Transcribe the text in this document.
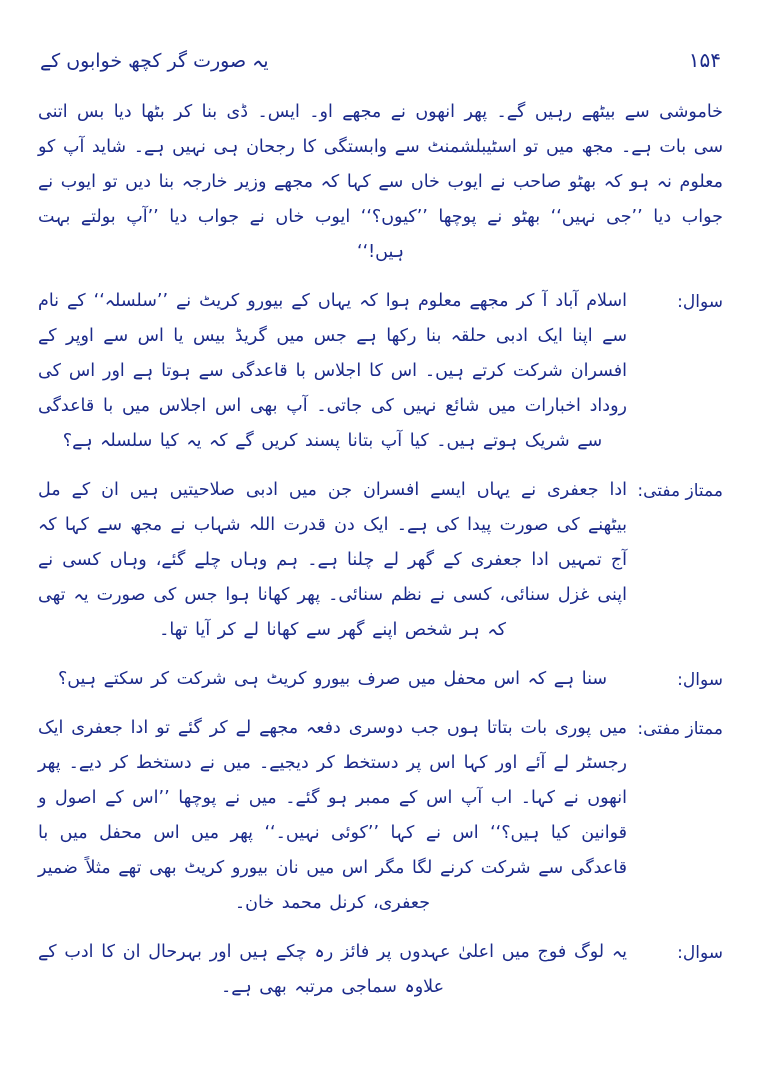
۱۵۴
یہ صورت گر کچھ خوابوں کے
خاموشی سے بیٹھے رہیں گے۔ پھر انھوں نے مجھے او۔ ایس۔ ڈی بنا کر بٹھا دیا بس اتنی سی بات ہے۔ مجھ میں تو اسٹیبلشمنٹ سے وابستگی کا رجحان ہی نہیں ہے۔ شاید آپ کو معلوم نہ ہو کہ بھٹو صاحب نے ایوب خاں سے کہا کہ مجھے وزیر خارجہ بنا دیں تو ایوب نے جواب دیا ’’جی نہیں‘‘ بھٹو نے پوچھا ’’کیوں؟‘‘ ایوب خاں نے جواب دیا ’’آپ بولتے بہت ہیں!‘‘
سوال:
اسلام آباد آ کر مجھے معلوم ہوا کہ یہاں کے بیورو کریٹ نے ’’سلسلہ‘‘ کے نام سے اپنا ایک ادبی حلقہ بنا رکھا ہے جس میں گریڈ بیس یا اس سے اوپر کے افسران شرکت کرتے ہیں۔ اس کا اجلاس با قاعدگی سے ہوتا ہے اور اس کی روداد اخبارات میں شائع نہیں کی جاتی۔ آپ بھی اس اجلاس میں با قاعدگی سے شریک ہوتے ہیں۔ کیا آپ بتانا پسند کریں گے کہ یہ کیا سلسلہ ہے؟
ممتاز مفتی:
ادا جعفری نے یہاں ایسے افسران جن میں ادبی صلاحیتیں ہیں ان کے مل بیٹھنے کی صورت پیدا کی ہے۔ ایک دن قدرت اللہ شہاب نے مجھ سے کہا کہ آج تمہیں ادا جعفری کے گھر لے چلنا ہے۔ ہم وہاں چلے گئے، وہاں کسی نے اپنی غزل سنائی، کسی نے نظم سنائی۔ پھر کھانا ہوا جس کی صورت یہ تھی کہ ہر شخص اپنے گھر سے کھانا لے کر آیا تھا۔
سوال:
سنا ہے کہ اس محفل میں صرف بیورو کریٹ ہی شرکت کر سکتے ہیں؟
ممتاز مفتی:
میں پوری بات بتاتا ہوں جب دوسری دفعہ مجھے لے کر گئے تو ادا جعفری ایک رجسٹر لے آئے اور کہا اس پر دستخط کر دیجیے۔ میں نے دستخط کر دیے۔ پھر انھوں نے کہا۔ اب آپ اس کے ممبر ہو گئے۔ میں نے پوچھا ’’اس کے اصول و قوانین کیا ہیں؟‘‘ اس نے کہا ’’کوئی نہیں۔‘‘ پھر میں اس محفل میں با قاعدگی سے شرکت کرنے لگا مگر اس میں نان بیورو کریٹ بھی تھے مثلاً ضمیر جعفری، کرنل محمد خان۔
سوال:
یہ لوگ فوج میں اعلیٰ عہدوں پر فائز رہ چکے ہیں اور بہرحال ان کا ادب کے علاوہ سماجی مرتبہ بھی ہے۔
